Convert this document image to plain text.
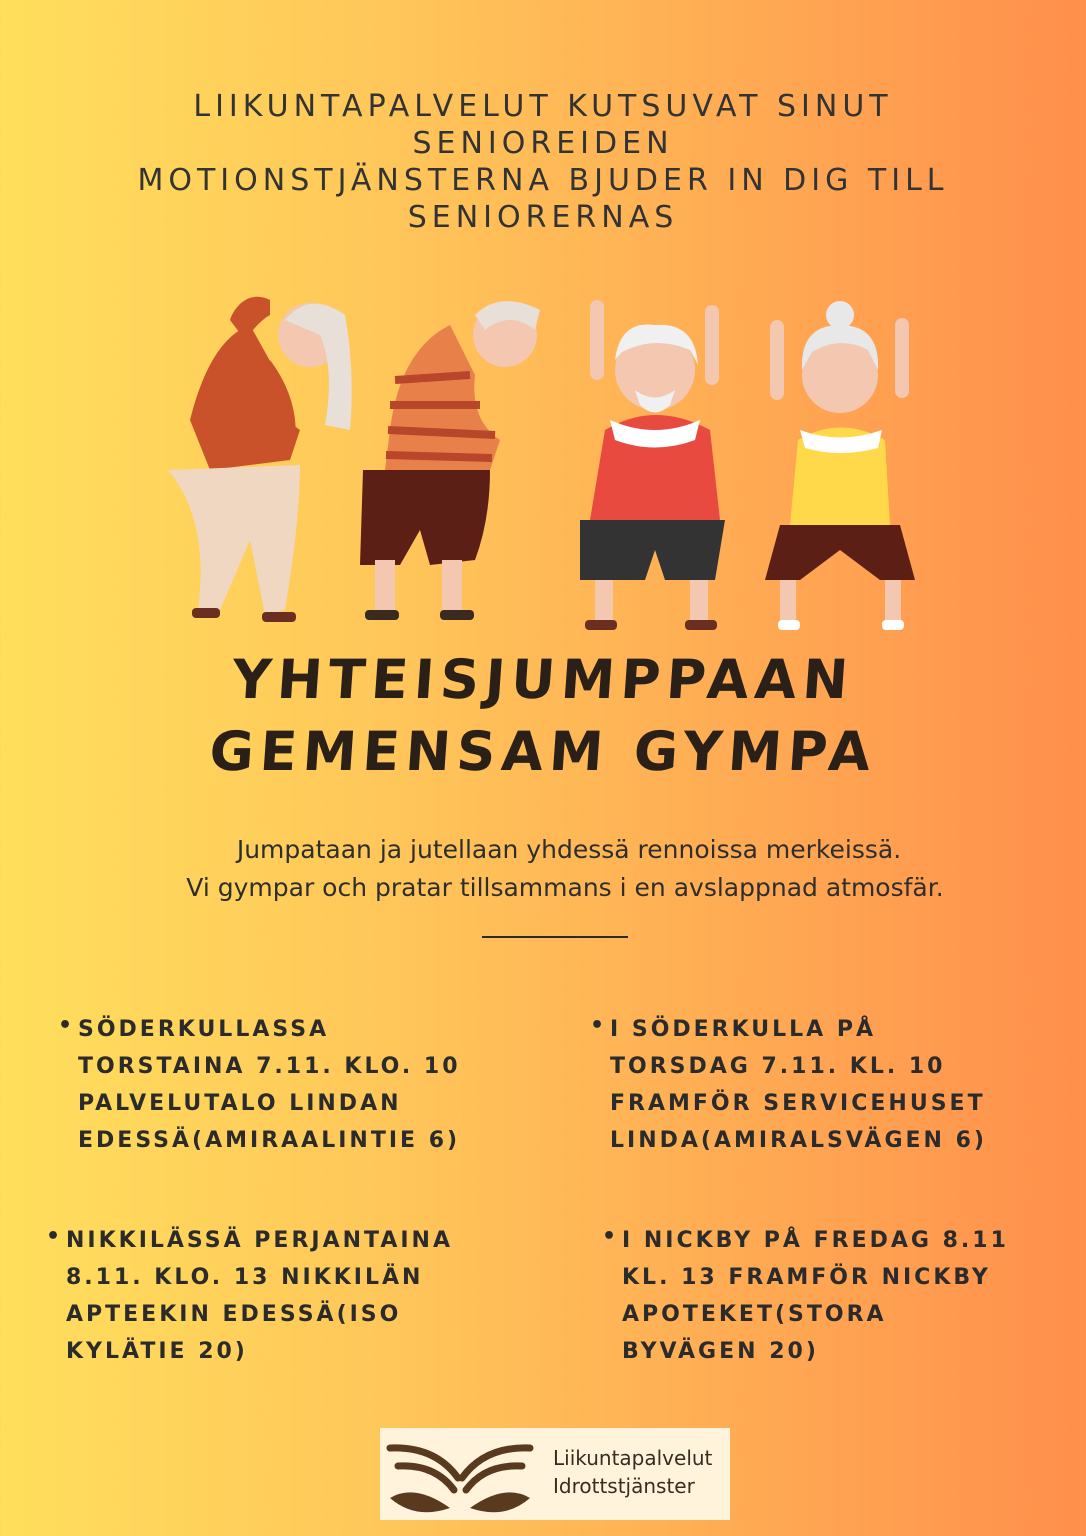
LIIKUNTAPALVELUT KUTSUVAT SINUT
SENIOREIDEN
MOTIONSTJÄNSTERNA BJUDER IN DIG TILL
SENIORERNAS
YHTEISJUMPPAAN
GEMENSAM GYMPA
Jumpataan ja jutellaan yhdessä rennoissa merkeissä.
Vi gympar och pratar tillsammans i en avslappnad atmosfär.
• SÖDERKULLASSA
TORSTAINA 7.11. KLO. 10
PALVELUTALO LINDAN
EDESSÄ(AMIRAALINTIE 6)
• I SÖDERKULLA PÅ
TORSDAG 7.11. KL. 10
FRAMFÖR SERVICEHUSET
LINDA(AMIRALSVÄGEN 6)
• NIKKILÄSSÄ PERJANTAINA
8.11. KLO. 13 NIKKILÄN
APTEEKIN EDESSÄ(ISO
KYLÄTIE 20)
• I NICKBY PÅ FREDAG 8.11
KL. 13 FRAMFÖR NICKBY
APOTEKET(STORA
BYVÄGEN 20)
Liikuntapalvelut
Idrottstjänster
